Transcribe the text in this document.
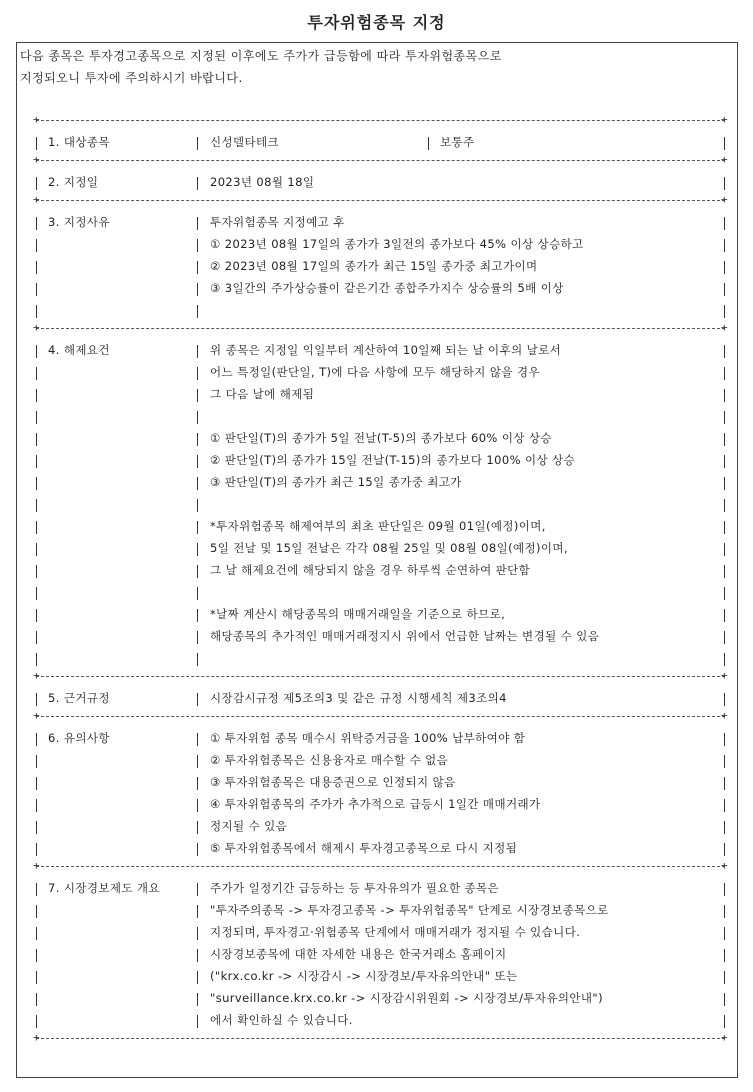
투자위험종목 지정
다음 종목은 투자경고종목으로 지정된 이후에도 주가가 급등함에 따라 투자위험종목으로
지정되오니 투자에 주의하시기 바랍니다.
+	+
1. 대상종목	신성델타테크	보통주
+	+
2. 지정일	2023년 08월 18일
+	+
3. 지정사유	투자위험종목 지정예고 후
① 2023년 08월 17일의 종가가 3일전의 종가보다 45% 이상 상승하고
② 2023년 08월 17일의 종가가 최근 15일 종가중 최고가이며
③ 3일간의 주가상승률이 같은기간 종합주가지수 상승률의 5배 이상
+	+
4. 해제요건	위 종목은 지정일 익일부터 계산하여 10일째 되는 날 이후의 날로서
어느 특정일(판단일, T)에 다음 사항에 모두 해당하지 않을 경우
그 다음 날에 해제됨
① 판단일(T)의 종가가 5일 전날(T-5)의 종가보다 60% 이상 상승
② 판단일(T)의 종가가 15일 전날(T-15)의 종가보다 100% 이상 상승
③ 판단일(T)의 종가가 최근 15일 종가중 최고가
*투자위험종목 해제여부의 최초 판단일은 09월 01일(예정)이며,
5일 전날 및 15일 전날은 각각 08월 25일 및 08월 08일(예정)이며,
그 날 해제요건에 해당되지 않을 경우 하루씩 순연하여 판단함
*날짜 계산시 해당종목의 매매거래일을 기준으로 하므로,
해당종목의 추가적인 매매거래정지시 위에서 언급한 날짜는 변경될 수 있음
+	+
5. 근거규정	시장감시규정 제5조의3 및 같은 규정 시행세칙 제3조의4
+	+
6. 유의사항	① 투자위험 종목 매수시 위탁증거금을 100% 납부하여야 함
② 투자위험종목은 신용융자로 매수할 수 없음
③ 투자위험종목은 대용증권으로 인정되지 않음
④ 투자위험종목의 주가가 추가적으로 급등시 1일간 매매거래가
정지될 수 있음
⑤ 투자위험종목에서 해제시 투자경고종목으로 다시 지정됨
+	+
7. 시장경보제도 개요	주가가 일정기간 급등하는 등 투자유의가 필요한 종목은
"투자주의종목 -> 투자경고종목 -> 투자위험종목" 단계로 시장경보종목으로
지정되며, 투자경고·위험종목 단계에서 매매거래가 정지될 수 있습니다.
시장경보종목에 대한 자세한 내용은 한국거래소 홈페이지
("krx.co.kr -> 시장감시 -> 시장경보/투자유의안내" 또는
"surveillance.krx.co.kr -> 시장감시위원회 -> 시장경보/투자유의안내")
에서 확인하실 수 있습니다.
+	+
